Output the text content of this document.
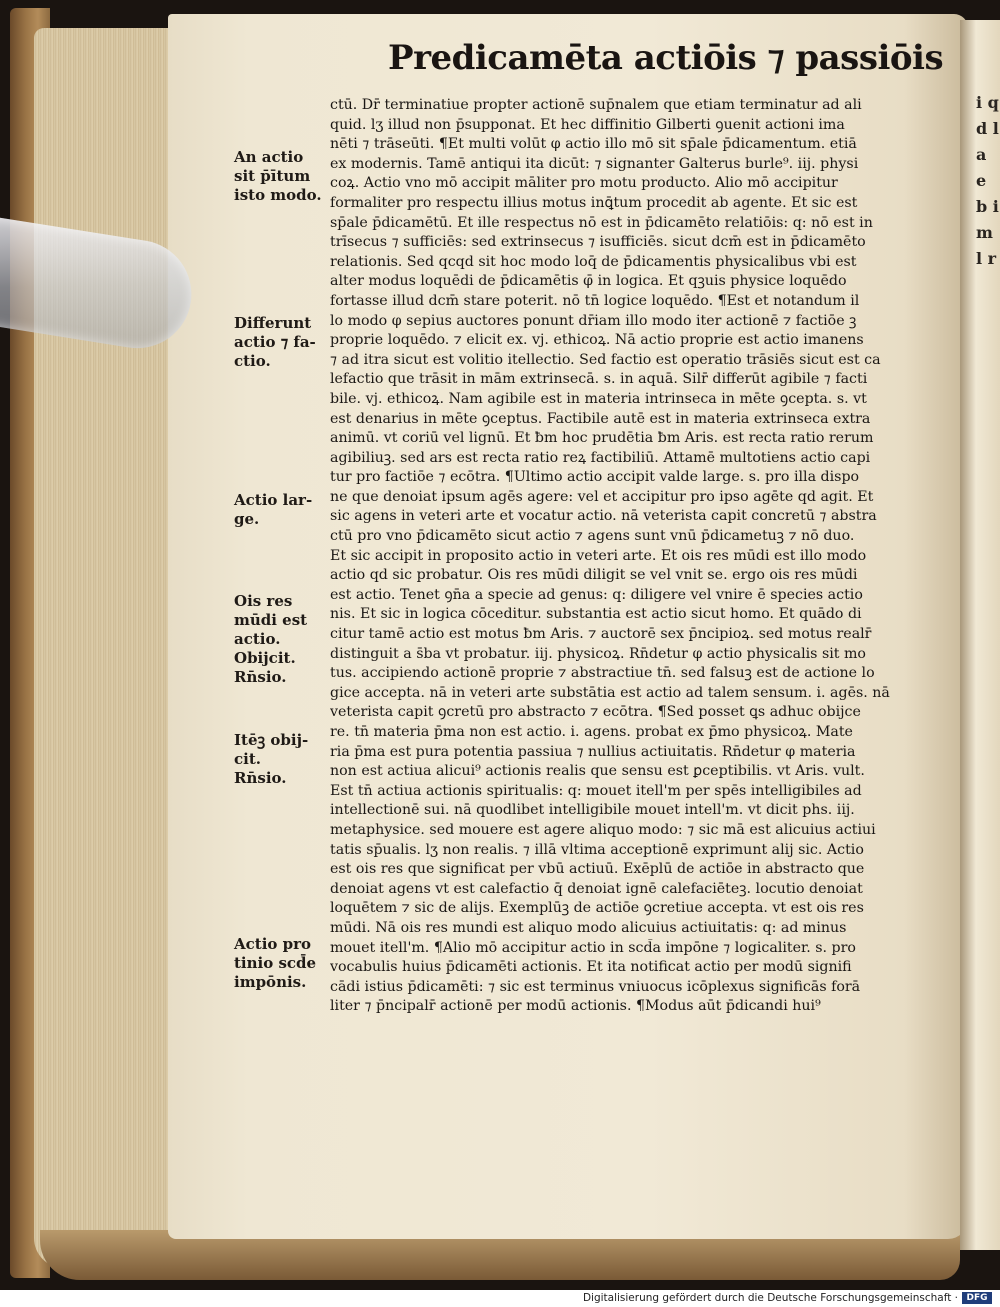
i q d l a e b i m l r
Predicamēta actiōis ⁊ passiōis
ctū. Dr̄ terminatiue propter actionē sup̄nalem que etiam terminatur ad ali
quid. lʒ illud non p̄supponat. Et hec diffinitio Gilberti ꝯuenit actioni ima
nēti ⁊ trāseūti. ¶Et multi volūt φ actio illo mō sit sp̄ale p̄dicamentum. etiā
ex modernis. Tamē antiqui ita dicūt: ⁊ signanter Galterus burle⁹. iij. physi
coꝝ. Actio vno mō accipit māliter pro motu producto. Alio mō accipitur
formaliter pro respectu illius motus inꝗ̄tum procedit ab agente. Et sic est
sp̄ale p̄dicamētū. Et ille respectus nō est in p̄dicamēto relatiōis: q: nō est in
trīsecus ⁊ sufficiēs: sed extrinsecus ⁊ isufficiēs. sicut dcm̄ est in p̄dicamēto
relationis. Sed qcqd sit hoc modo loq̄ de p̄dicamentis physicalibus vbi est
alter modus loquēdi de p̄dicamētis φ̄ in logica. Et qꝫuis physice loquēdo
fortasse illud dcm̄ stare poterit. nō tn̄ logice loquēdo. ¶Est et notandum il
lo modo φ sepius auctores ponunt dr̄iam illo modo iter actionē ⁊ factiōe ꝫ
proprie loquēdo. ⁊ elicit ex. vj. ethicoꝝ. Nā actio proprie est actio imanens
⁊ ad itra sicut est volitio itellectio. Sed factio est operatio trāsiēs sicut est ca
lefactio que trāsit in mām extrinsecā. s. in aquā. Silr̄ differūt agibile ⁊ facti
bile. vj. ethicoꝝ. Nam agibile est in materia intrinseca in mēte ꝯcepta. s. vt
est denarius in mēte ꝯceptus. Factibile autē est in materia extrinseca extra
animū. vt coriū vel lignū. Et ƀm hoc prudētia ƀm Aris. est recta ratio rerum
agibiliuꝫ. sed ars est recta ratio reꝝ factibiliū. Attamē multotiens actio capi
tur pro factiōe ⁊ ecōtra. ¶Ultimo actio accipit valde large. s. pro illa dispo
ne que denoiat ipsum agēs agere: vel et accipitur pro ipso agēte qd agit. Et
sic agens in veteri arte et vocatur actio. nā veterista capit concretū ⁊ abstra
ctū pro vno p̄dicamēto sicut actio ⁊ agens sunt vnū p̄dicametuꝫ ⁊ nō duo.
Et sic accipit in proposito actio in veteri arte. Et ois res mūdi est illo modo
actio qd sic probatur. Ois res mūdi diligit se vel vnit se. ergo ois res mūdi
est actio. Tenet ꝯn̄a a specie ad genus: q: diligere vel vnire ē species actio
nis. Et sic in logica cōceditur. substantia est actio sicut homo. Et quādo di
citur tamē actio est motus ƀm Aris. ⁊ auctorē sex p̄ncipioꝝ. sed motus realr̄
distinguit a s̄ba vt probatur. iij. physicoꝝ. Rn̄detur φ actio physicalis sit mo
tus. accipiendo actionē proprie ⁊ abstractiue tn̄. sed falsuꝫ est de actione lo
gice accepta. nā in veteri arte substātia est actio ad talem sensum. i. agēs. nā
veterista capit ꝯcretū pro abstracto ⁊ ecōtra. ¶Sed posset ꝗs adhuc obijce
re. tn̄ materia p̄ma non est actio. i. agens. probat ex p̄mo physicoꝝ. Mate
ria p̄ma est pura potentia passiua ⁊ nullius actiuitatis. Rn̄detur φ materia
non est actiua alicui⁹ actionis realis que sensu est ꝑceptibilis. vt Aris. vult.
Est tn̄ actiua actionis spiritualis: q: mouet itell'm per spēs intelligibiles ad
intellectionē sui. nā quodlibet intelligibile mouet intell'm. vt dicit phs. iij.
metaphysice. sed mouere est agere aliquo modo: ⁊ sic mā est alicuius actiui
tatis sp̄ualis. lʒ non realis. ⁊ illā vltima acceptionē exprimunt alij sic. Actio
est ois res que significat per vbū actiuū. Exēplū de actiōe in abstracto que
denoiat agens vt est calefactio q̄ denoiat ignē calefaciēteꝫ. locutio denoiat
loquētem ⁊ sic de alijs. Exemplūꝫ de actiōe ꝯcretiue accepta. vt est ois res
mūdi. Nā ois res mundi est aliquo modo alicuius actiuitatis: q: ad minus
mouet itell'm. ¶Alio mō accipitur actio in scd̄a impōne ⁊ logicaliter. s. pro
vocabulis huius p̄dicamēti actionis. Et ita notificat actio per modū signifi
cādi istius p̄dicamēti: ⁊ sic est terminus vniuocus icōplexus significās forā
liter ⁊ p̄ncipalr̄ actionē per modū actionis. ¶Modus aūt p̄dicandi hui⁹
An actio
sit p̄ītum
isto modo.
Differunt
actio ⁊ fa-
ctio.
Actio lar-
ge.
Ois res
mūdi est
actio.
Obijcit.
Rn̄sio.
Itēꝫ obij-
cit.
Rn̄sio.
Actio pro
tinio scd̄e
impōnis.
Digitalisierung gefördert durch die Deutsche Forschungsgemeinschaft · DFG
